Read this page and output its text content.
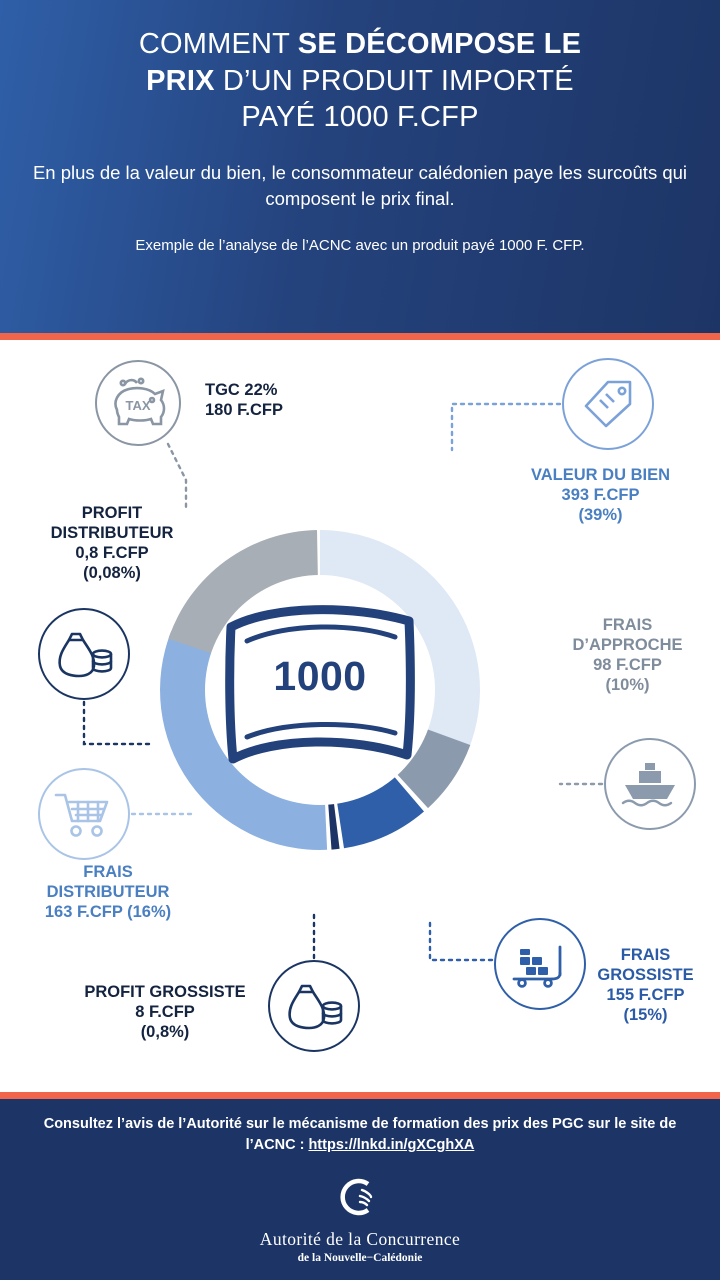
COMMENT SE DÉCOMPOSE LE
PRIX D’UN PRODUIT IMPORTÉ
PAYÉ 1000 F.CFP
En plus de la valeur du bien, le consommateur calédonien paye les surcoûts qui composent le prix final.
Exemple de l’analyse de l’ACNC avec un produit payé 1000 F. CFP.
1000
TAX
TGC 22%
180 F.CFP
PROFIT
DISTRIBUTEUR
0,8 F.CFP
(0,08%)
FRAIS
DISTRIBUTEUR
163 F.CFP (16%)
PROFIT GROSSISTE
8 F.CFP
(0,8%)
FRAIS
GROSSISTE
155 F.CFP
(15%)
VALEUR DU BIEN
393 F.CFP
(39%)
FRAIS
D’APPROCHE
98 F.CFP
(10%)
Consultez l’avis de l’Autorité sur le mécanisme de formation des prix des PGC sur le site de l’ACNC : https://lnkd.in/gXCghXA
Autorité de la Concurrence
de la Nouvelle−Calédonie
